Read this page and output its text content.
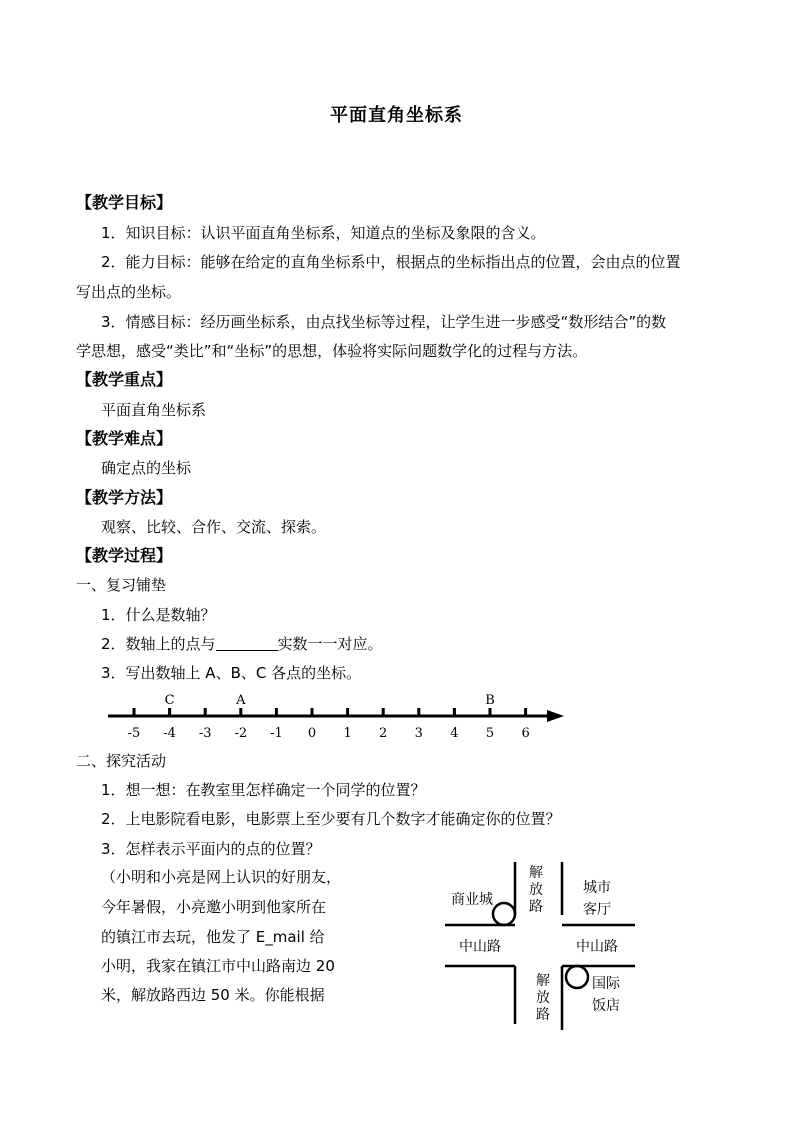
平面直角坐标系
【教学目标】
1．知识目标：认识平面直角坐标系，知道点的坐标及象限的含义。
2．能力目标：能够在给定的直角坐标系中，根据点的坐标指出点的位置，会由点的位置
写出点的坐标。
3．情感目标：经历画坐标系，由点找坐标等过程，让学生进一步感受“数形结合”的数
学思想，感受“类比”和“坐标”的思想，体验将实际问题数学化的过程与方法。
【教学重点】
平面直角坐标系
【教学难点】
确定点的坐标
【教学方法】
观察、比较、合作、交流、探索。
【教学过程】
一、复习铺垫
1．什么是数轴？
2．数轴上的点与	实数一一对应。
3．写出数轴上 A、B、C 各点的坐标。
-5 -4 -3 -2 -1 0 1 2 3 4 5 6
C	A	B
二、探究活动
1．想一想：在教室里怎样确定一个同学的位置？
2．上电影院看电影，电影票上至少要有几个数字才能确定你的位置？
3．怎样表示平面内的点的位置？
（小明和小亮是网上认识的好朋友，
今年暑假，小亮邀小明到他家所在
的镇江市去玩，他发了 E_mail 给
小明，我家在镇江市中山路南边 20
米，解放路西边 50 米。你能根据
商业城
解
放
路
城市
客厅
中山路	中山路
解
放
路
国际
饭店
